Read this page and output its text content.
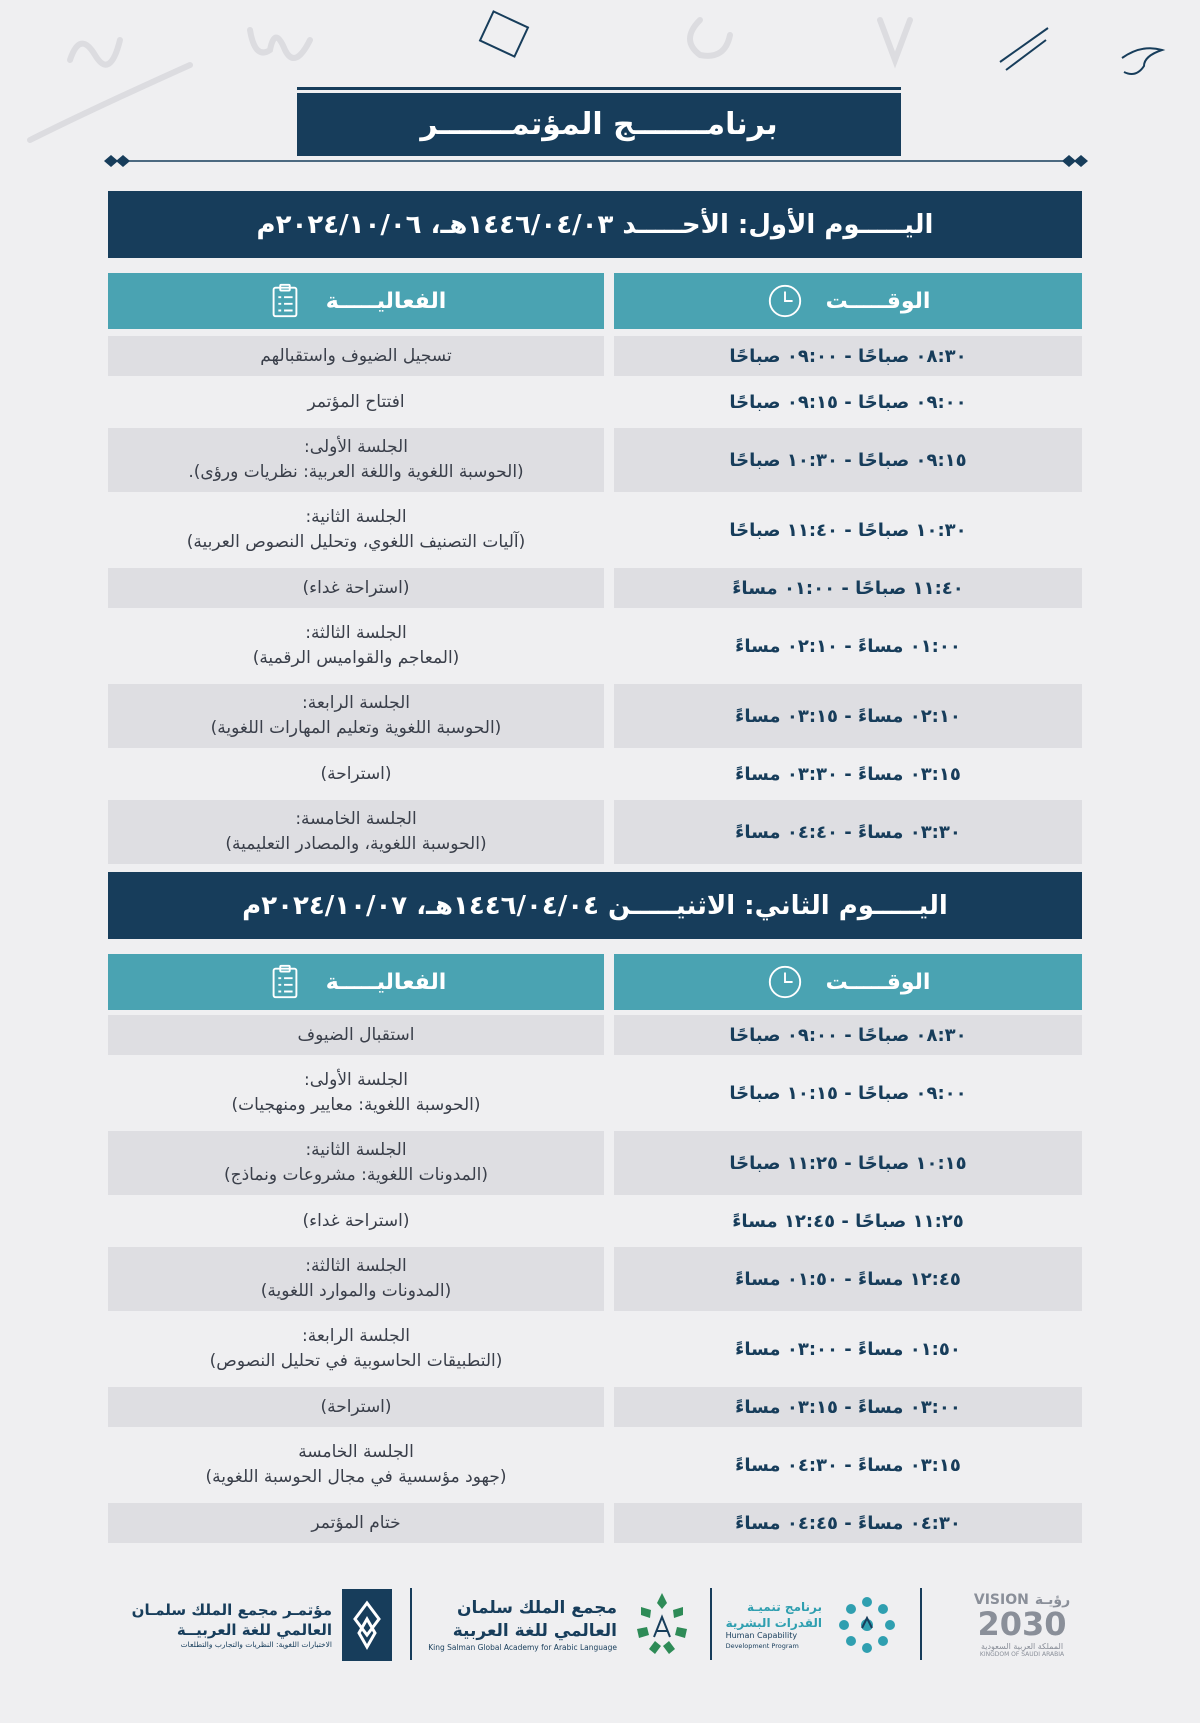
برنامـــــــج المؤتمـــــــر
اليـــــوم الأول: الأحـــــد ١٤٤٦/٠٤/٠٣هـ، ٢٠٢٤/١٠/٠٦م
الوقـــــت
الفعاليـــــة
٠٨:٣٠ صباحًا - ٠٩:٠٠ صباحًا
تسجيل الضيوف واستقبالهم
٠٩:٠٠ صباحًا - ٠٩:١٥ صباحًا
افتتاح المؤتمر
٠٩:١٥ صباحًا - ١٠:٣٠ صباحًا
الجلسة الأولى:
(الحوسبة اللغوية واللغة العربية: نظريات ورؤى).
١٠:٣٠ صباحًا - ١١:٤٠ صباحًا
الجلسة الثانية:
(آليات التصنيف اللغوي، وتحليل النصوص العربية)
١١:٤٠ صباحًا - ٠١:٠٠ مساءً
(استراحة غداء)
٠١:٠٠ مساءً - ٠٢:١٠ مساءً
الجلسة الثالثة:
(المعاجم والقواميس الرقمية)
٠٢:١٠ مساءً - ٠٣:١٥ مساءً
الجلسة الرابعة:
(الحوسبة اللغوية وتعليم المهارات اللغوية)
٠٣:١٥ مساءً - ٠٣:٣٠ مساءً
(استراحة)
٠٣:٣٠ مساءً - ٠٤:٤٠ مساءً
الجلسة الخامسة:
(الحوسبة اللغوية، والمصادر التعليمية)
اليـــــوم الثاني: الاثنيـــــن ١٤٤٦/٠٤/٠٤هـ، ٢٠٢٤/١٠/٠٧م
الوقـــــت
الفعاليـــــة
٠٨:٣٠ صباحًا - ٠٩:٠٠ صباحًا
استقبال الضيوف
٠٩:٠٠ صباحًا - ١٠:١٥ صباحًا
الجلسة الأولى:
(الحوسبة اللغوية: معايير ومنهجيات)
١٠:١٥ صباحًا - ١١:٢٥ صباحًا
الجلسة الثانية:
(المدونات اللغوية: مشروعات ونماذج)
١١:٢٥ صباحًا - ١٢:٤٥ مساءً
(استراحة غداء)
١٢:٤٥ مساءً - ٠١:٥٠ مساءً
الجلسة الثالثة:
(المدونات والموارد اللغوية)
٠١:٥٠ مساءً - ٠٣:٠٠ مساءً
الجلسة الرابعة:
(التطبيقات الحاسوبية في تحليل النصوص)
٠٣:٠٠ مساءً - ٠٣:١٥ مساءً
(استراحة)
٠٣:١٥ مساءً - ٠٤:٣٠ مساءً
الجلسة الخامسة
(جهود مؤسسية في مجال الحوسبة اللغوية)
٠٤:٣٠ مساءً - ٠٤:٤٥ مساءً
ختام المؤتمر
رؤيـة
VISION
2030
المملكة العربية السعودية
KINGDOM OF SAUDI ARABIA
برنامج تنميـة
القدرات البشرية
Human Capability
Development Program
مجمع الملك سلمان
العالمي للغة العربية
King Salman Global Academy for Arabic Language
مؤتمـر مجمع الملك سلمـان
العالمي للغة العربيــة
الاختبارات اللغوية: النظريات والتجارب والتطلعات
